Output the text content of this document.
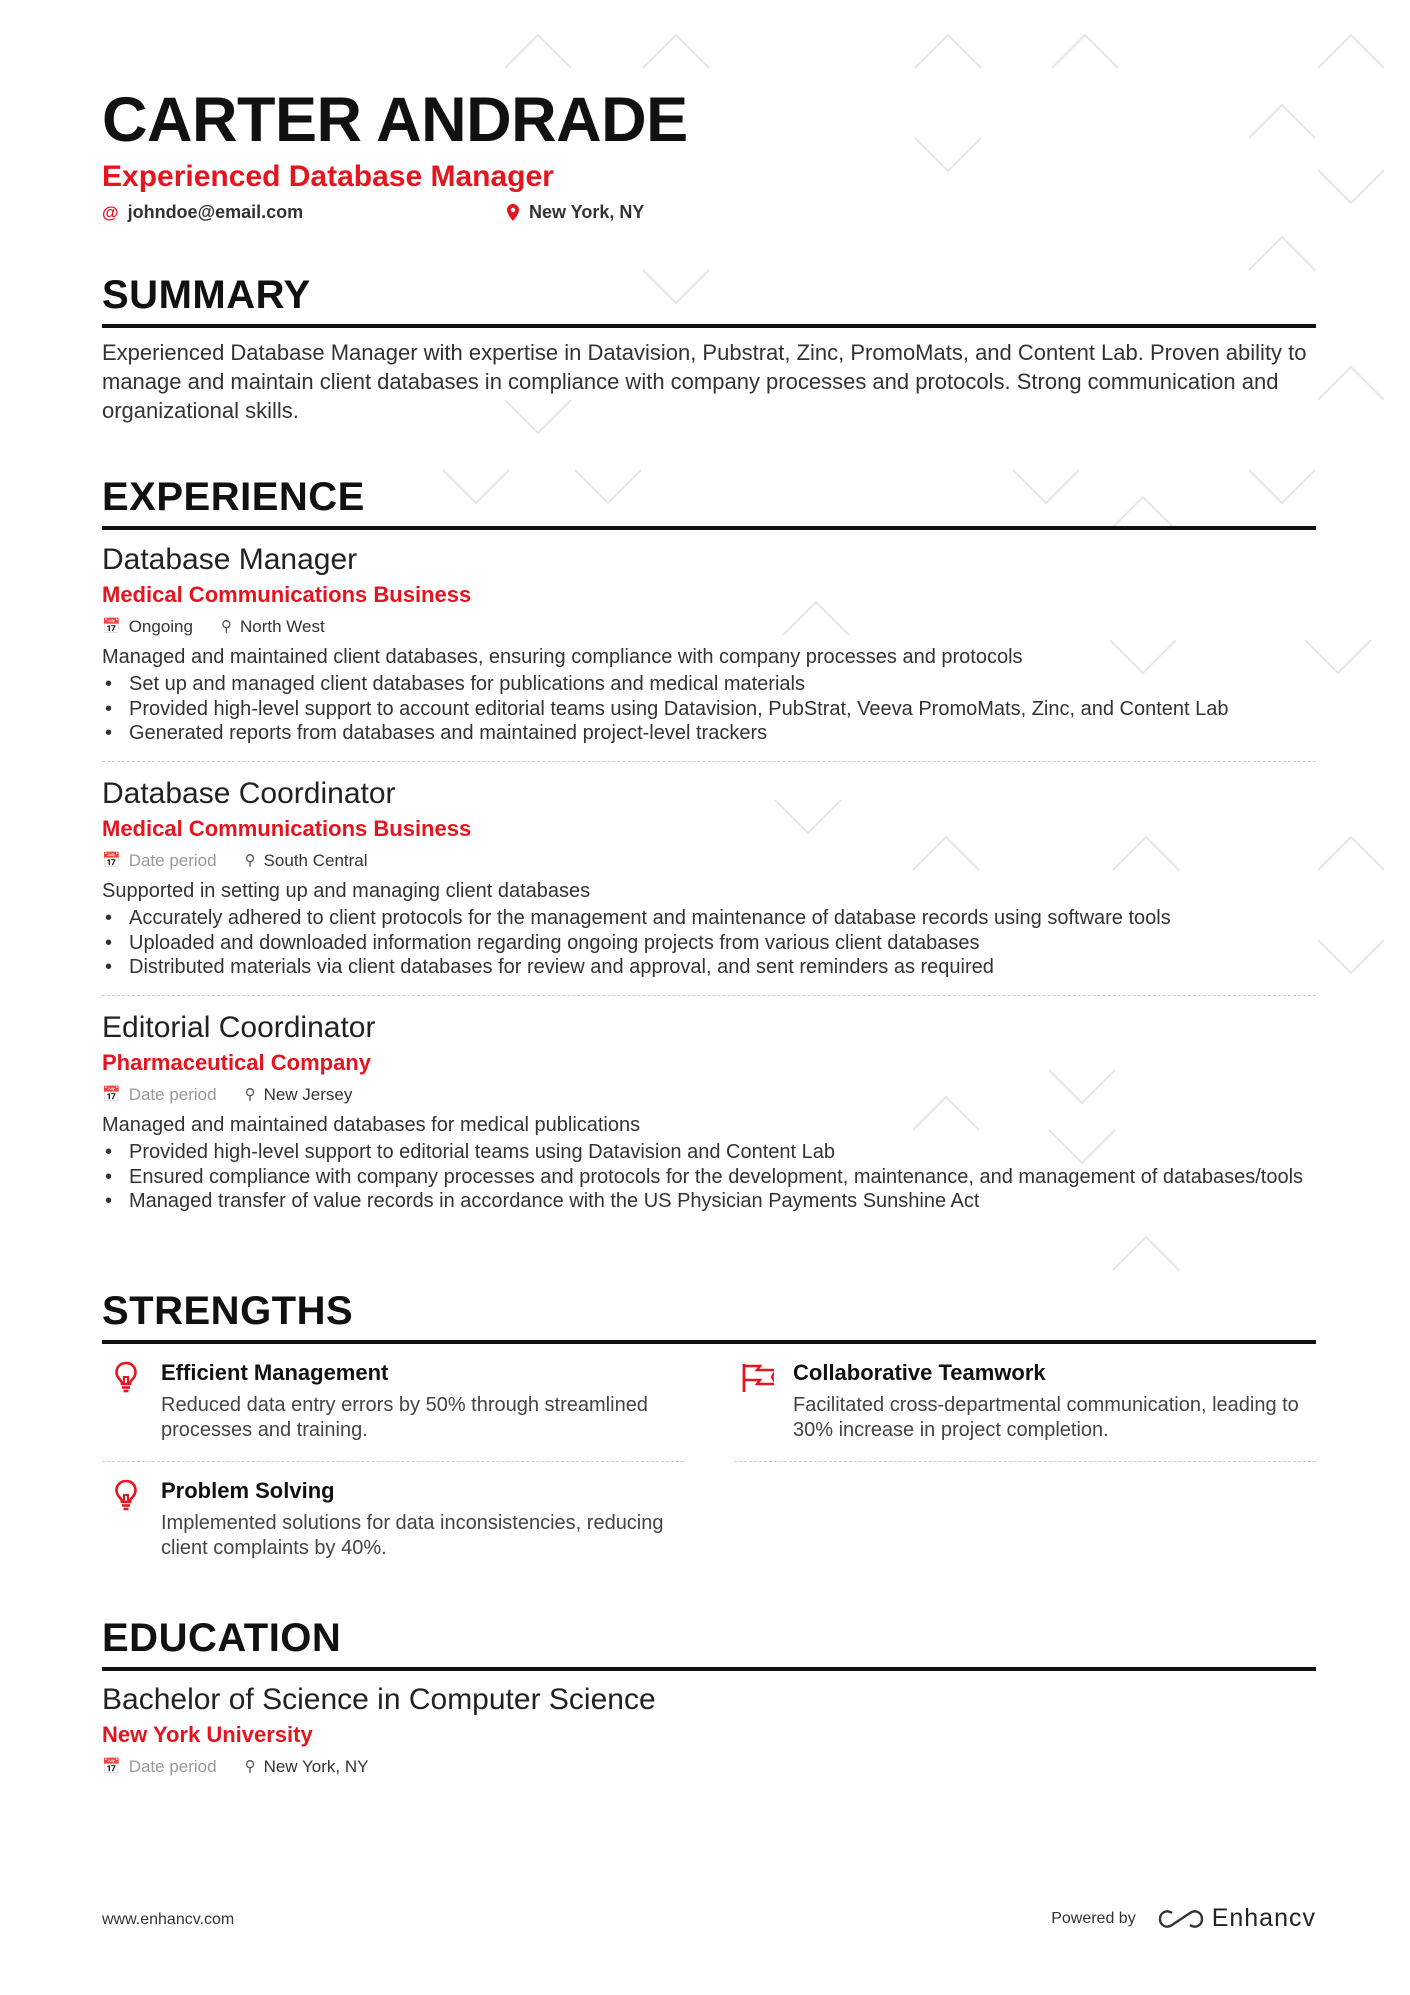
CARTER ANDRADE
Experienced Database Manager
@ johndoe@email.com	New York, NY
SUMMARY
Experienced Database Manager with expertise in Datavision, Pubstrat, Zinc, PromoMats, and Content Lab. Proven ability to manage and maintain client databases in compliance with company processes and protocols. Strong communication and organizational skills.
EXPERIENCE
Database Manager
Medical Communications Business
📅 Ongoing ⚲ North West
Managed and maintained client databases, ensuring compliance with company processes and protocols
• Set up and managed client databases for publications and medical materials
• Provided high-level support to account editorial teams using Datavision, PubStrat, Veeva PromoMats, Zinc, and Content Lab
• Generated reports from databases and maintained project-level trackers
Database Coordinator
Medical Communications Business
📅 Date period ⚲ South Central
Supported in setting up and managing client databases
• Accurately adhered to client protocols for the management and maintenance of database records using software tools
• Uploaded and downloaded information regarding ongoing projects from various client databases
• Distributed materials via client databases for review and approval, and sent reminders as required
Editorial Coordinator
Pharmaceutical Company
📅 Date period ⚲ New Jersey
Managed and maintained databases for medical publications
• Provided high-level support to editorial teams using Datavision and Content Lab
• Ensured compliance with company processes and protocols for the development, maintenance, and management of databases/tools
• Managed transfer of value records in accordance with the US Physician Payments Sunshine Act
STRENGTHS
Efficient Management
Reduced data entry errors by 50% through streamlined processes and training.
Collaborative Teamwork
Facilitated cross-departmental communication, leading to 30% increase in project completion.
Problem Solving
Implemented solutions for data inconsistencies, reducing client complaints by 40%.
EDUCATION
Bachelor of Science in Computer Science
New York University
📅 Date period ⚲ New York, NY
www.enhancv.com	Powered by	Enhancv
